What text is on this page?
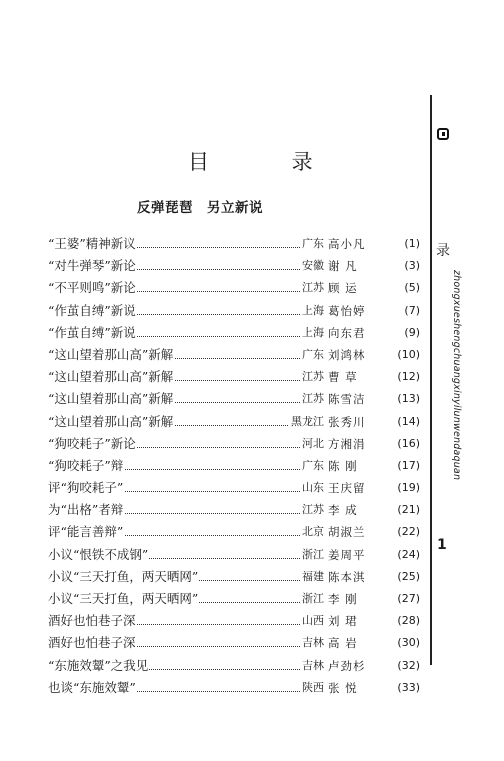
目 录
反弹琵琶　另立新说
“王婆”精神新议	广东 高小凡	(1)
“对牛弹琴”新论	安徽 谢 凡	(3)
“不平则鸣”新论	江苏 顾 运	(5)
“作茧自缚”新说	上海 葛怡婷	(7)
“作茧自缚”新说	上海 向东君	(9)
“这山望着那山高”新解	广东 刘鸿林	(10)
“这山望着那山高”新解	江苏 曹 草	(12)
“这山望着那山高”新解	江苏 陈雪洁	(13)
“这山望着那山高”新解	黑龙江 张秀川	(14)
“狗咬耗子”新论	河北 方湘涓	(16)
“狗咬耗子”辩	广东 陈 刚	(17)
评“狗咬耗子”	山东 王庆留	(19)
为“出格”者辩	江苏 李 成	(21)
评“能言善辩”	北京 胡淑兰	(22)
小议“恨铁不成钢”	浙江 姜周平	(24)
小议“三天打鱼，两天晒网”	福建 陈本淇	(25)
小议“三天打鱼，两天晒网”	浙江 李 刚	(27)
酒好也怕巷子深	山西 刘 珺	(28)
酒好也怕巷子深	吉林 高 岩	(30)
“东施效颦”之我见	吉林 卢劲杉	(32)
也谈“东施效颦”	陕西 张 悦	(33)
录
zhongxueshengchuangxinyilunwendaquan
1
